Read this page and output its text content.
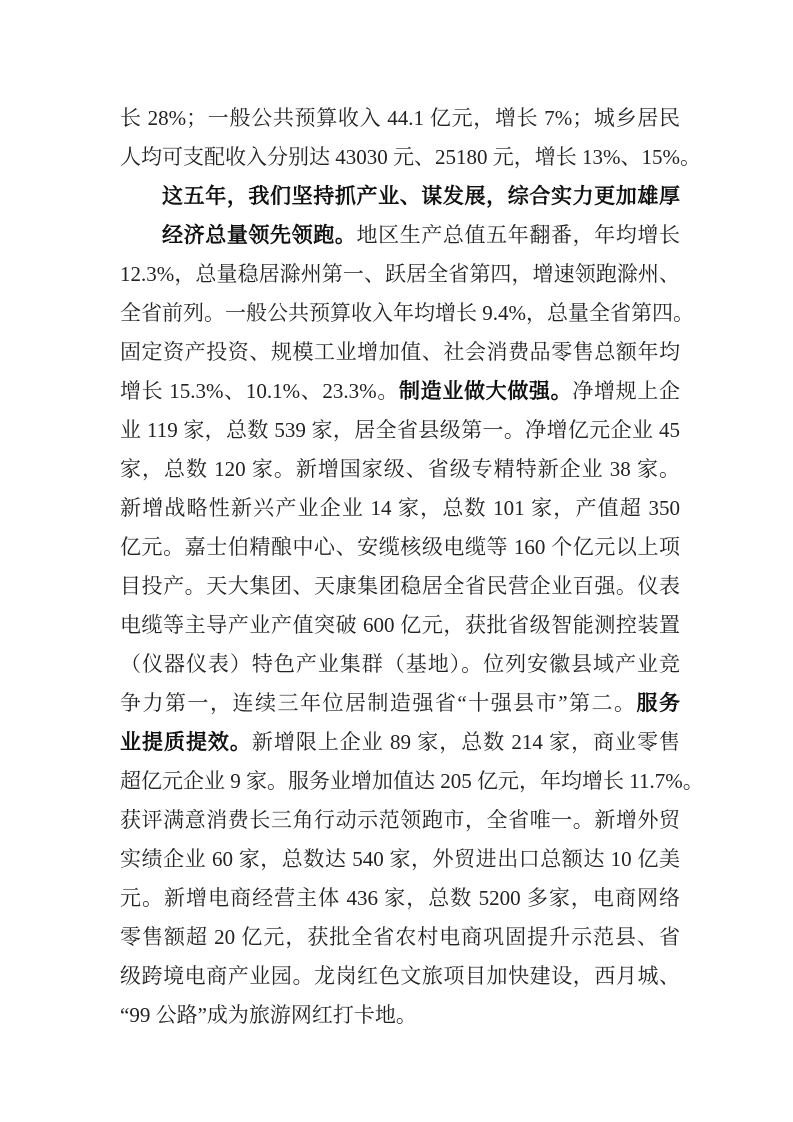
长 28%；一般公共预算收入 44.1 亿元，增长 7%；城乡居民
人均可支配收入分别达 43030 元、25180 元，增长 13%、15%。
这五年，我们坚持抓产业、谋发展，综合实力更加雄厚
经济总量领先领跑。地区生产总值五年翻番，年均增长
12.3%，总量稳居滁州第一、跃居全省第四，增速领跑滁州、
全省前列。一般公共预算收入年均增长 9.4%，总量全省第四。
固定资产投资、规模工业增加值、社会消费品零售总额年均
增长 15.3%、10.1%、23.3%。制造业做大做强。净增规上企
业 119 家，总数 539 家，居全省县级第一。净增亿元企业 45
家，总数 120 家。新增国家级、省级专精特新企业 38 家。
新增战略性新兴产业企业 14 家，总数 101 家，产值超 350
亿元。嘉士伯精酿中心、安缆核级电缆等 160 个亿元以上项
目投产。天大集团、天康集团稳居全省民营企业百强。仪表
电缆等主导产业产值突破 600 亿元，获批省级智能测控装置
（仪器仪表）特色产业集群（基地）。位列安徽县域产业竞
争力第一，连续三年位居制造强省“十强县市”第二。服务
业提质提效。新增限上企业 89 家，总数 214 家，商业零售
超亿元企业 9 家。服务业增加值达 205 亿元，年均增长 11.7%。
获评满意消费长三角行动示范领跑市，全省唯一。新增外贸
实绩企业 60 家，总数达 540 家，外贸进出口总额达 10 亿美
元。新增电商经营主体 436 家，总数 5200 多家，电商网络
零售额超 20 亿元，获批全省农村电商巩固提升示范县、省
级跨境电商产业园。龙岗红色文旅项目加快建设，西月城、
“99 公路”成为旅游网红打卡地。
